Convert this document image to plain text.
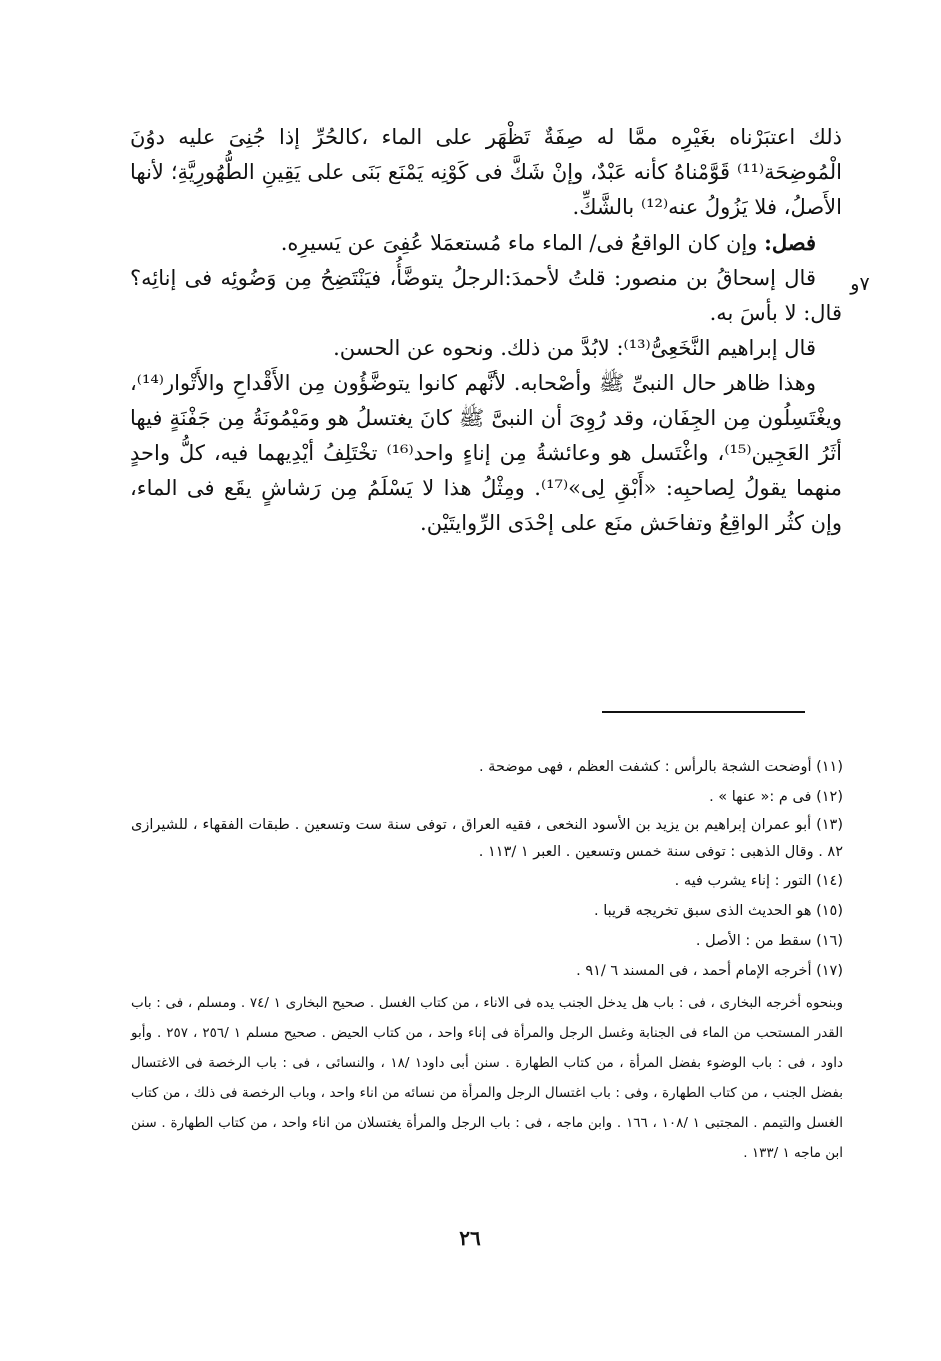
٧و

ذلك اعتبَرْناه بغَيْرِه ممَّا له صِفَةٌ تَظْهَر على الماء ،كالحُرِّ إذا جُنِىَ عليه دوُنَ الْمُوضِحَة⁽¹¹⁾ قَوَّمْناهُ كأنه عَبْدٌ، وإنْ شَكَّ فى كَوْنِه يَمْنَع بَنَى على يَقِينِ الطُّهُورِيَّةِ؛ لأنها الأَصلُ، فلا يَزُولُ عنه⁽¹²⁾ بالشَّكِّ.

فصل: وإن كان الواقعُ فى/ الماء ماء مُستعمَلا عُفِىَ عن يَسيرِه.

قال إسحاقُ بن منصور: قلتُ لأحمدَ:الرجلُ يتوضَّأُ، فيَنْتَضِحُ مِن وَضُوئِه فى إنائِه؟ قال: لا بأسَ به.

قال إبراهيم النَّخَعِىُّ⁽¹³⁾: لابُدَّ من ذلك. ونحوه عن الحسن.

وهذا ظاهر حال النبىِّ ﷺ وأصْحابه. لأنَّهم كانوا يتوضَّؤُون مِن الأَقْداحِ والأَتْوار⁽¹⁴⁾، ويغْتَسِلُون مِن الجِفَان، وقد رُوِىَ أن النبىَّ ﷺ كانَ يغتسلُ هو ومَيْمُونَةُ مِن جَفْنَةٍ فيها أثَرُ العَجِين⁽¹⁵⁾، واغْتَسل هو وعائشةُ مِن إناءٍ واحد⁽¹⁶⁾ تخْتَلِفُ أيْدِيهما فيه، كلُّ واحدٍ منهما يقولُ لِصاحبِه: «أَبْقِ لِى»⁽¹⁷⁾. ومِثْلُ هذا لا يَسْلَمُ مِن رَشاشٍ يقَع فى الماء، وإن كثُر الواقِعُ وتفاحَش منَع على إحْدَى الرِّوايتَيْن.

(١١) أوضحت الشجة بالرأس : كشفت العظم ، فهى موضحة .

(١٢) فى م :« عنها » .

(١٣) أبو عمران إبراهيم بن يزيد بن الأسود النخعى ، فقيه العراق ، توفى سنة ست وتسعين . طبقات الفقهاء ، للشيرازى ٨٢ . وقال الذهبى : توفى سنة خمس وتسعين . العبر ١ /١١٣ .

(١٤) التور : إناء يشرب فيه .

(١٥) هو الحديث الذى سبق تخريجه قريبا .

(١٦) سقط من : الأصل .

(١٧) أخرجه الإمام أحمد ، فى المسند ٦ /٩١ .

وبنحوه أخرجه البخارى ، فى : باب هل يدخل الجنب يده فى الاناء ، من كتاب الغسل . صحيح البخارى ١ /٧٤ . ومسلم ، فى : باب القدر المستحب من الماء فى الجنابة وغسل الرجل والمرأة فى إناء واحد ، من كتاب الحيض . صحيح مسلم ١ /٢٥٦ ، ٢٥٧ . وأبو داود ، فى : باب الوضوء بفضل المرأة ، من كتاب الطهارة . سنن أبى داود١ /١٨ ، والنسائى ، فى : باب الرخصة فى الاغتسال بفضل الجنب ، من كتاب الطهارة ، وفى : باب اغتسال الرجل والمرأة من نسائه من اناء واحد ، وباب الرخصة فى ذلك ، من كتاب الغسل والتيمم . المجتبى ١ /١٠٨ ، ١٦٦ . وابن ماجه ، فى : باب الرجل والمرأة يغتسلان من اناء واحد ، من كتاب الطهارة . سنن ابن ماجه ١ /١٣٣ .

٢٦
